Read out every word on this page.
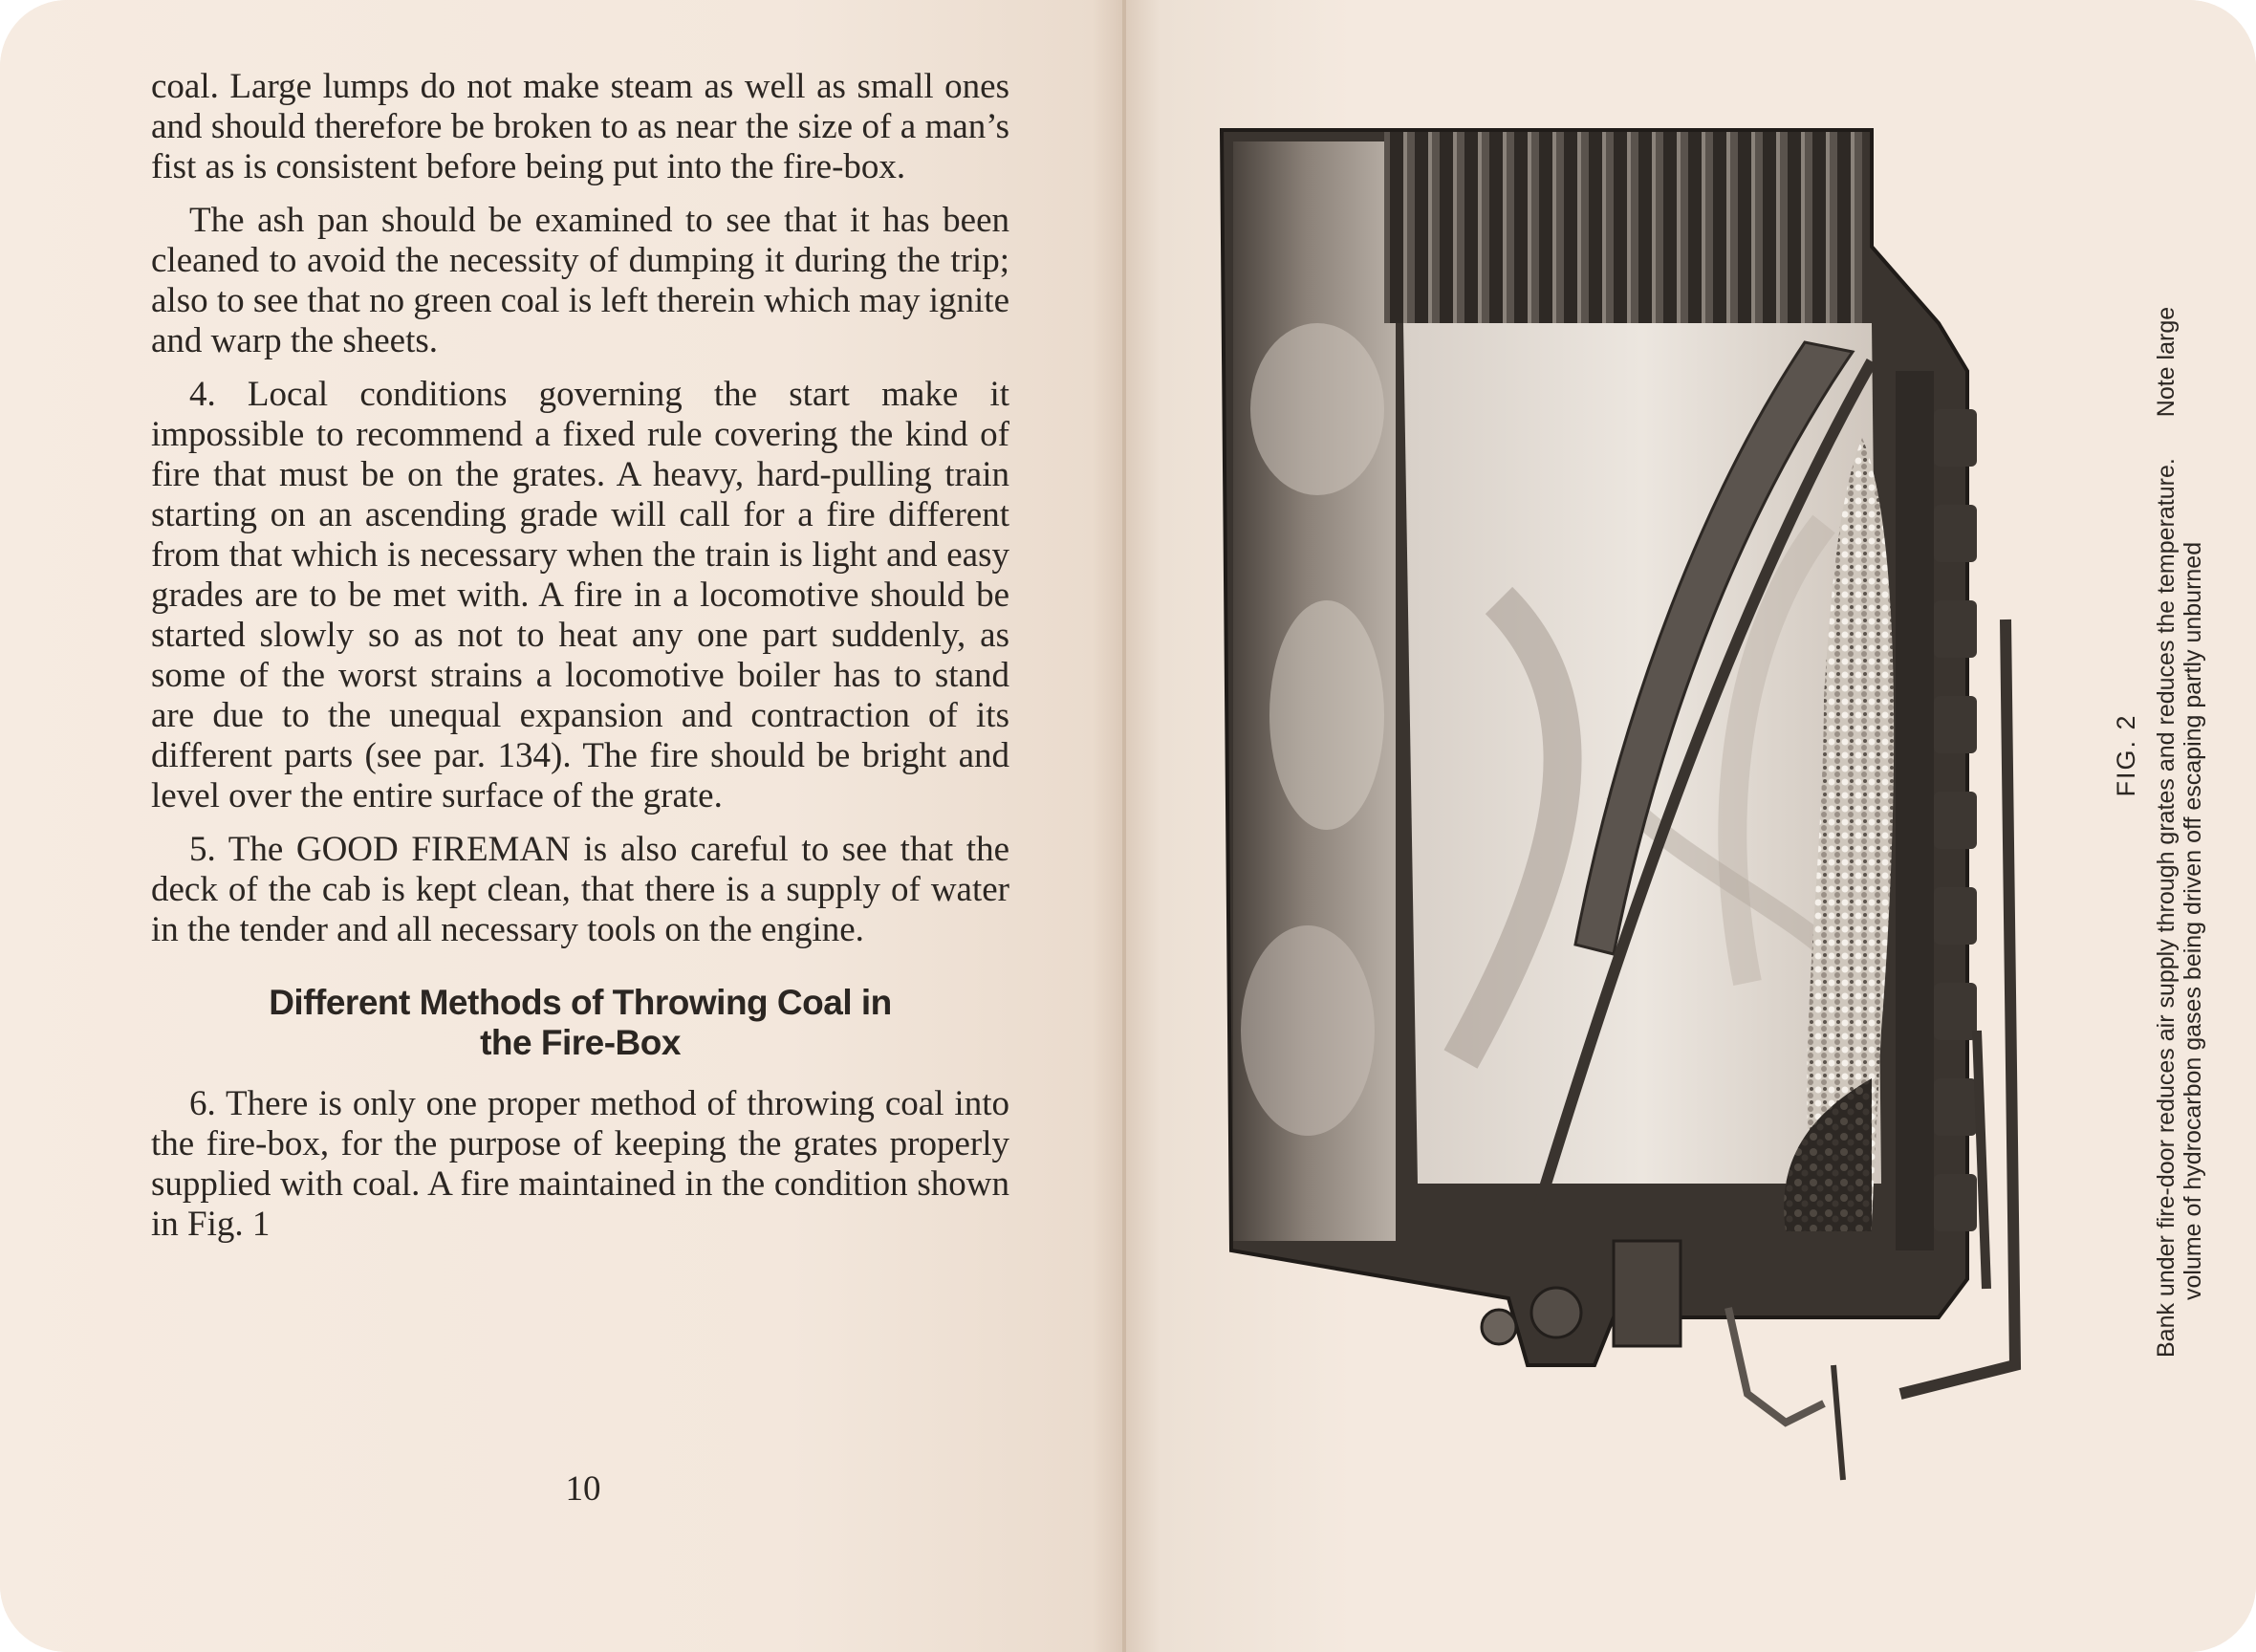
coal. Large lumps do not make steam as well as small ones and should therefore be broken to as near the size of a man’s fist as is consistent before being put into the fire-box.

The ash pan should be examined to see that it has been cleaned to avoid the necessity of dumping it during the trip; also to see that no green coal is left therein which may ignite and warp the sheets.

4. Local conditions governing the start make it impossible to recommend a fixed rule covering the kind of fire that must be on the grates. A heavy, hard-pulling train starting on an ascending grade will call for a fire different from that which is necessary when the train is light and easy grades are to be met with. A fire in a locomotive should be started slowly so as not to heat any one part suddenly, as some of the worst strains a locomotive boiler has to stand are due to the unequal expansion and contraction of its different parts (see par. 134). The fire should be bright and level over the entire surface of the grate.

5. The GOOD FIREMAN is also careful to see that the deck of the cab is kept clean, that there is a supply of water in the tender and all necessary tools on the engine.

Different Methods of Throwing Coal in
the Fire-Box

6. There is only one proper method of throwing coal into the fire-box, for the purpose of keeping the grates properly supplied with coal. A fire maintained in the condition shown in Fig. 1

10
FIG. 2 Bank under fire-door reduces air supply through grates and reduces the temperature. Note large
volume of hydrocarbon gases being driven off escaping partly unburned
